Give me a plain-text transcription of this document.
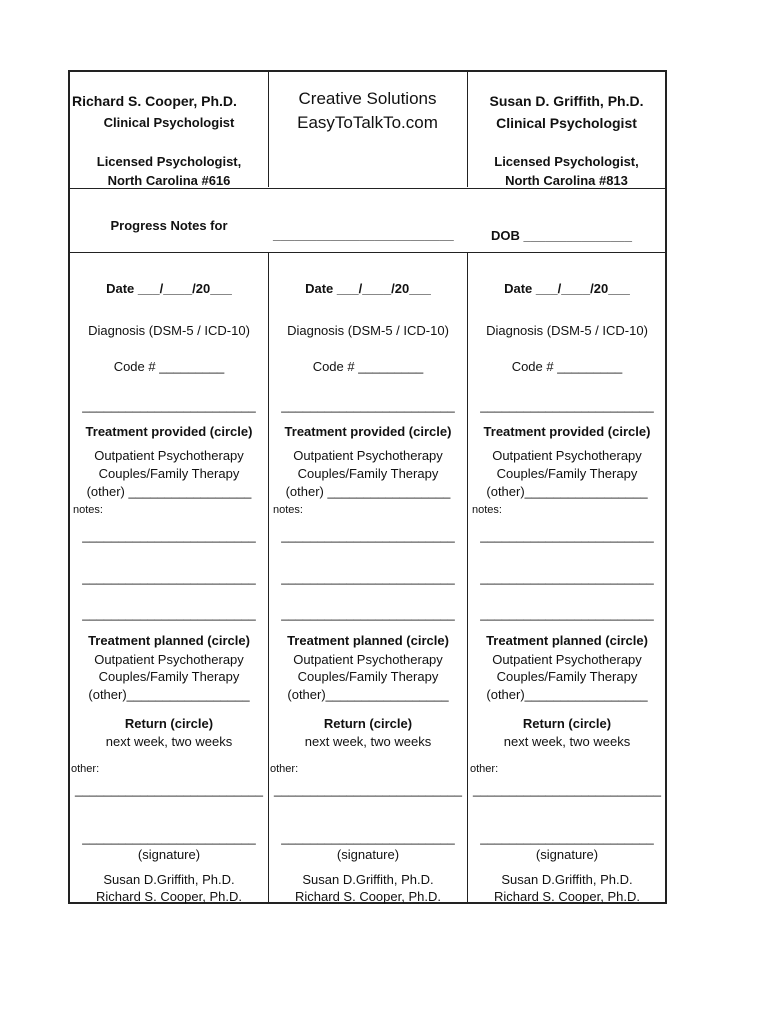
Richard S. Cooper, Ph.D.
Clinical Psychologist
Licensed Psychologist,
North Carolina #616
Creative Solutions
EasyToTalkTo.com
Susan D. Griffith, Ph.D.
Clinical Psychologist
Licensed Psychologist,
North Carolina #813
Progress Notes for
_________________________	DOB _______________
Date ___/____/20___
Diagnosis (DSM-5 / ICD-10)
Code # _________
________________________
Treatment provided (circle)
Outpatient Psychotherapy
Couples/Family Therapy
(other) _________________
notes:
________________________
________________________
________________________
Treatment planned (circle)
Outpatient Psychotherapy
Couples/Family Therapy
(other)_________________
Return (circle)
next week, two weeks
other:
__________________________
________________________
(signature)
Susan D.Griffith, Ph.D.
Richard S. Cooper, Ph.D.
Date ___/____/20___
Diagnosis (DSM-5 / ICD-10)
Code # _________
________________________
Treatment provided (circle)
Outpatient Psychotherapy
Couples/Family Therapy
(other) _________________
notes:
________________________
________________________
________________________
Treatment planned (circle)
Outpatient Psychotherapy
Couples/Family Therapy
(other)_________________
Return (circle)
next week, two weeks
other:
__________________________
________________________
(signature)
Susan D.Griffith, Ph.D.
Richard S. Cooper, Ph.D.
Date ___/____/20___
Diagnosis (DSM-5 / ICD-10)
Code # _________
________________________
Treatment provided (circle)
Outpatient Psychotherapy
Couples/Family Therapy
(other)_________________
notes:
________________________
________________________
________________________
Treatment planned (circle)
Outpatient Psychotherapy
Couples/Family Therapy
(other)_________________
Return (circle)
next week, two weeks
other:
__________________________
________________________
(signature)
Susan D.Griffith, Ph.D.
Richard S. Cooper, Ph.D.
